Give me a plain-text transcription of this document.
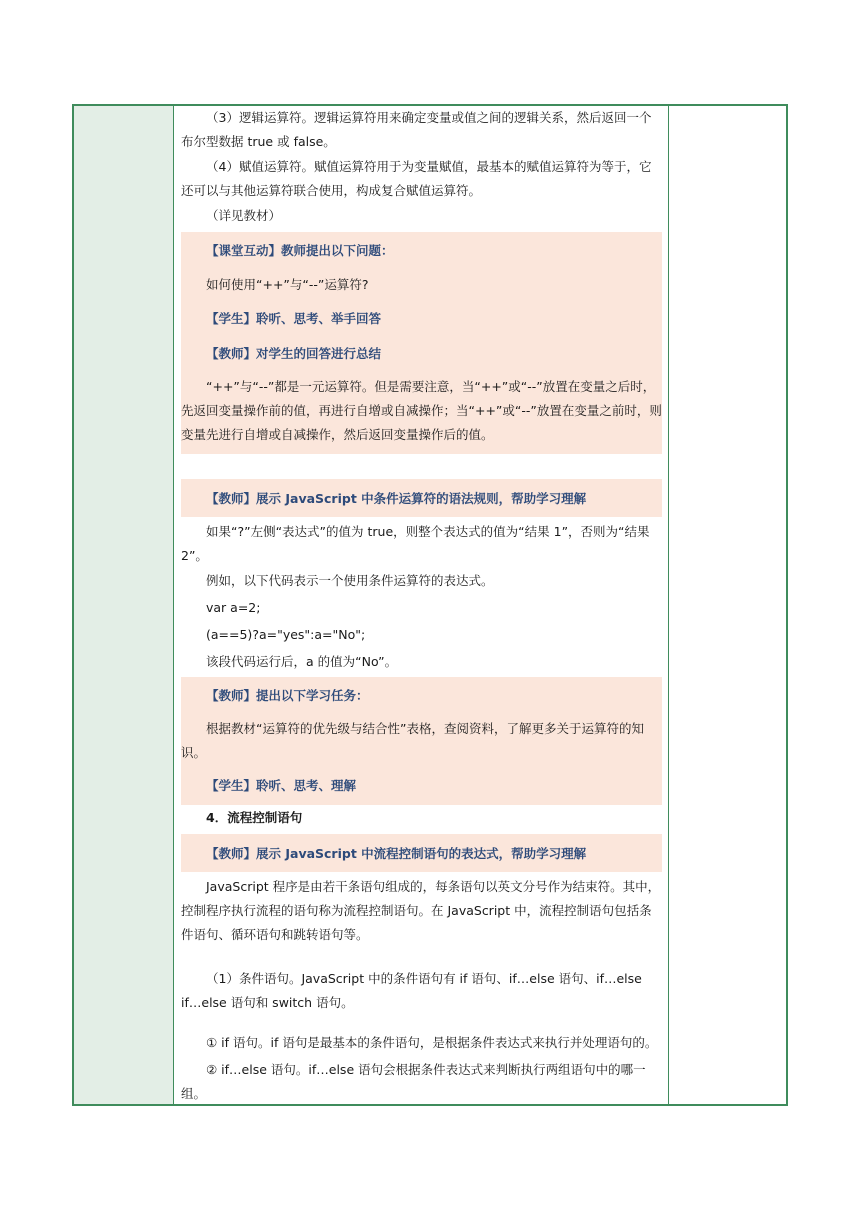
（3）逻辑运算符。逻辑运算符用来确定变量或值之间的逻辑关系，然后返回一个布尔型数据 true 或 false。

（4）赋值运算符。赋值运算符用于为变量赋值，最基本的赋值运算符为等于，它还可以与其他运算符联合使用，构成复合赋值运算符。

（详见教材）

【课堂互动】教师提出以下问题：

如何使用“++”与“--”运算符?

【学生】聆听、思考、举手回答

【教师】对学生的回答进行总结

“++”与“--”都是一元运算符。但是需要注意，当“++”或“--”放置在变量之后时，先返回变量操作前的值，再进行自增或自减操作；当“++”或“--”放置在变量之前时，则变量先进行自增或自减操作，然后返回变量操作后的值。

【教师】展示 JavaScript 中条件运算符的语法规则，帮助学习理解

如果“?”左侧“表达式”的值为 true，则整个表达式的值为“结果 1”，否则为“结果 2”。

例如，以下代码表示一个使用条件运算符的表达式。

var a=2;

(a==5)?a="yes":a="No";

该段代码运行后，a 的值为“No”。

【教师】提出以下学习任务：

根据教材“运算符的优先级与结合性”表格，查阅资料，了解更多关于运算符的知识。

【学生】聆听、思考、理解

4．流程控制语句

【教师】展示 JavaScript 中流程控制语句的表达式，帮助学习理解

JavaScript 程序是由若干条语句组成的，每条语句以英文分号作为结束符。其中，控制程序执行流程的语句称为流程控制语句。在 JavaScript 中，流程控制语句包括条件语句、循环语句和跳转语句等。

（1）条件语句。JavaScript 中的条件语句有 if 语句、if…else 语句、if…else if…else 语句和 switch 语句。

① if 语句。if 语句是最基本的条件语句，是根据条件表达式来执行并处理语句的。

② if…else 语句。if…else 语句会根据条件表达式来判断执行两组语句中的哪一组。
